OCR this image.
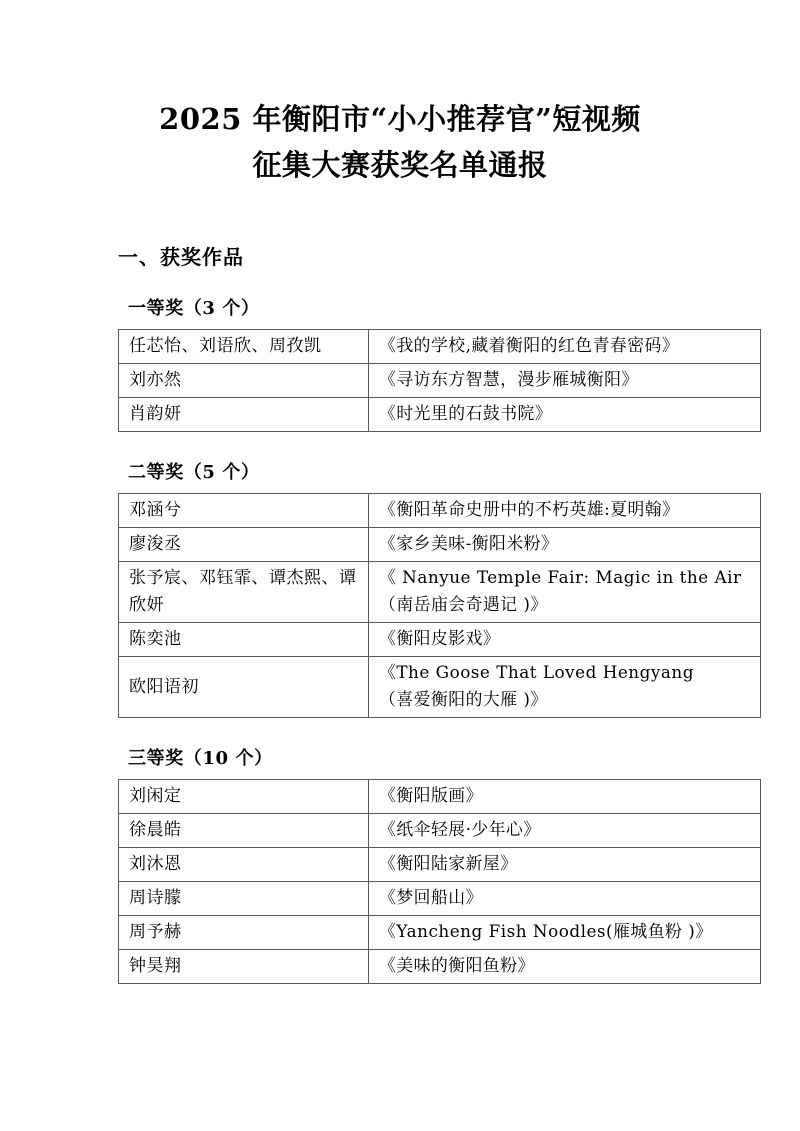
2025 年衡阳市“小小推荐官”短视频
征集大赛获奖名单通报
一、获奖作品
一等奖（3 个）
任芯怡、刘语欣、周孜凯	《我的学校,藏着衡阳的红色青春密码》
刘亦然	《寻访东方智慧，漫步雁城衡阳》
肖韵妍	《时光里的石鼓书院》
二等奖（5 个）
邓涵兮	《衡阳革命史册中的不朽英雄:夏明翰》
廖浚丞	《家乡美味-衡阳米粉》
张予宸、邓钰霏、谭杰熙、谭欣妍	《 Nanyue Temple Fair: Magic in the Air （南岳庙会奇遇记 )》
陈奕池	《衡阳皮影戏》
欧阳语初	《The Goose That Loved Hengyang （喜爱衡阳的大雁 )》
三等奖（10 个）
刘闲定	《衡阳版画》
徐晨皓	《纸伞轻展·少年心》
刘沐恩	《衡阳陆家新屋》
周诗朦	《梦回船山》
周予赫	《Yancheng Fish Noodles(雁城鱼粉 )》
钟昊翔	《美味的衡阳鱼粉》
